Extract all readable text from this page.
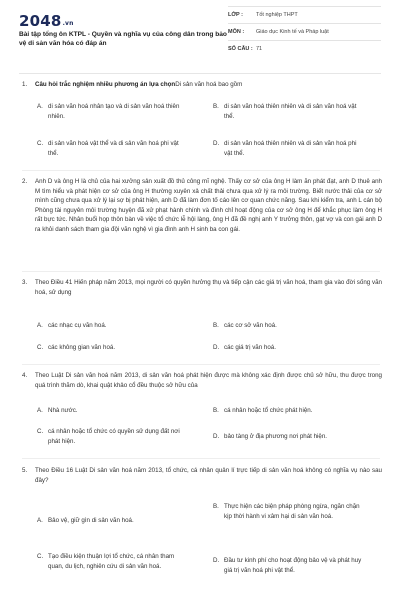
2048.vn
Bài tập tổng ôn KTPL - Quyền và nghĩa vụ của công dân trong bảo vệ di sản văn hóa có đáp án
LỚP :	Tốt nghiệp THPT
MÔN :	Giáo dục Kinh tế và Pháp luật
SỐ CÂU :	71
1.	Câu hỏi trắc nghiệm nhiều phương án lựa chọnDi sản văn hoá bao gồm
A. di sản văn hoá nhân tạo và di sản văn hoá thiên nhiên.
B. di sản văn hoá thiên nhiên và di sản văn hoá vật thể.
C. di sản văn hoá vật thể và di sản văn hoá phi vật thể.
D. di sản văn hoá thiên nhiên và di sản văn hoá phi vật thể.
2.	Anh D và ông H là chủ của hai xưởng sản xuất đồ thủ công mĩ nghệ. Thấy cơ sở của ông H làm ăn phát đạt, anh D thuê anh M tìm hiểu và phát hiện cơ sở của ông H thường xuyên xả chất thải chưa qua xử lý ra môi trường. Biết nước thải của cơ sở mình cũng chưa qua xử lý lại sợ bị phát hiện, anh D đã làm đơn tố cáo lên cơ quan chức năng. Sau khi kiểm tra, anh L cán bộ Phòng tài nguyên môi trường huyện đã xử phạt hành chính và đình chỉ hoạt động của cơ sở ông H để khắc phục làm ông H rất bực tức. Nhân buổi họp thôn bàn về việc tổ chức lễ hội làng, ông H đã đề nghị anh Y trưởng thôn, gạt vợ và con gái anh D ra khỏi danh sách tham gia đội văn nghệ vì gia đình anh H sinh ba con gái.
3.	Theo Điều 41 Hiến pháp năm 2013, mọi người có quyền hưởng thụ và tiếp cận các giá trị văn hoá, tham gia vào đời sống văn hoá, sử dụng
A. các nhạc cụ văn hoá.	B. các cơ sở văn hoá.
C. các không gian văn hoá.	D. các giá trị văn hoá.
4.	Theo Luật Di sản văn hoá năm 2013, di sản văn hoá phát hiện được mà không xác định được chủ sở hữu, thu được trong quá trình thăm dò, khai quật khảo cổ đều thuộc sở hữu của
A. Nhà nước.	B. cá nhân hoặc tổ chức phát hiện.
C. cá nhân hoặc tổ chức có quyền sử dụng đất nơi phát hiện.
D. bảo tàng ở địa phương nơi phát hiện.
5.	Theo Điều 16 Luật Di sản văn hoá năm 2013, tổ chức, cá nhân quản lí trực tiếp di sản văn hoá không có nghĩa vụ nào sau đây?
A. Bảo vệ, giữ gìn di sản văn hoá.
B. Thực hiện các biện pháp phòng ngừa, ngăn chặn kịp thời hành vi xâm hại di sản văn hoá.
C. Tạo điều kiện thuận lợi tổ chức, cá nhân tham quan, du lịch, nghiên cứu di sản văn hoá.
D. Đầu tư kinh phí cho hoạt động bảo vệ và phát huy giá trị văn hoá phi vật thể.
